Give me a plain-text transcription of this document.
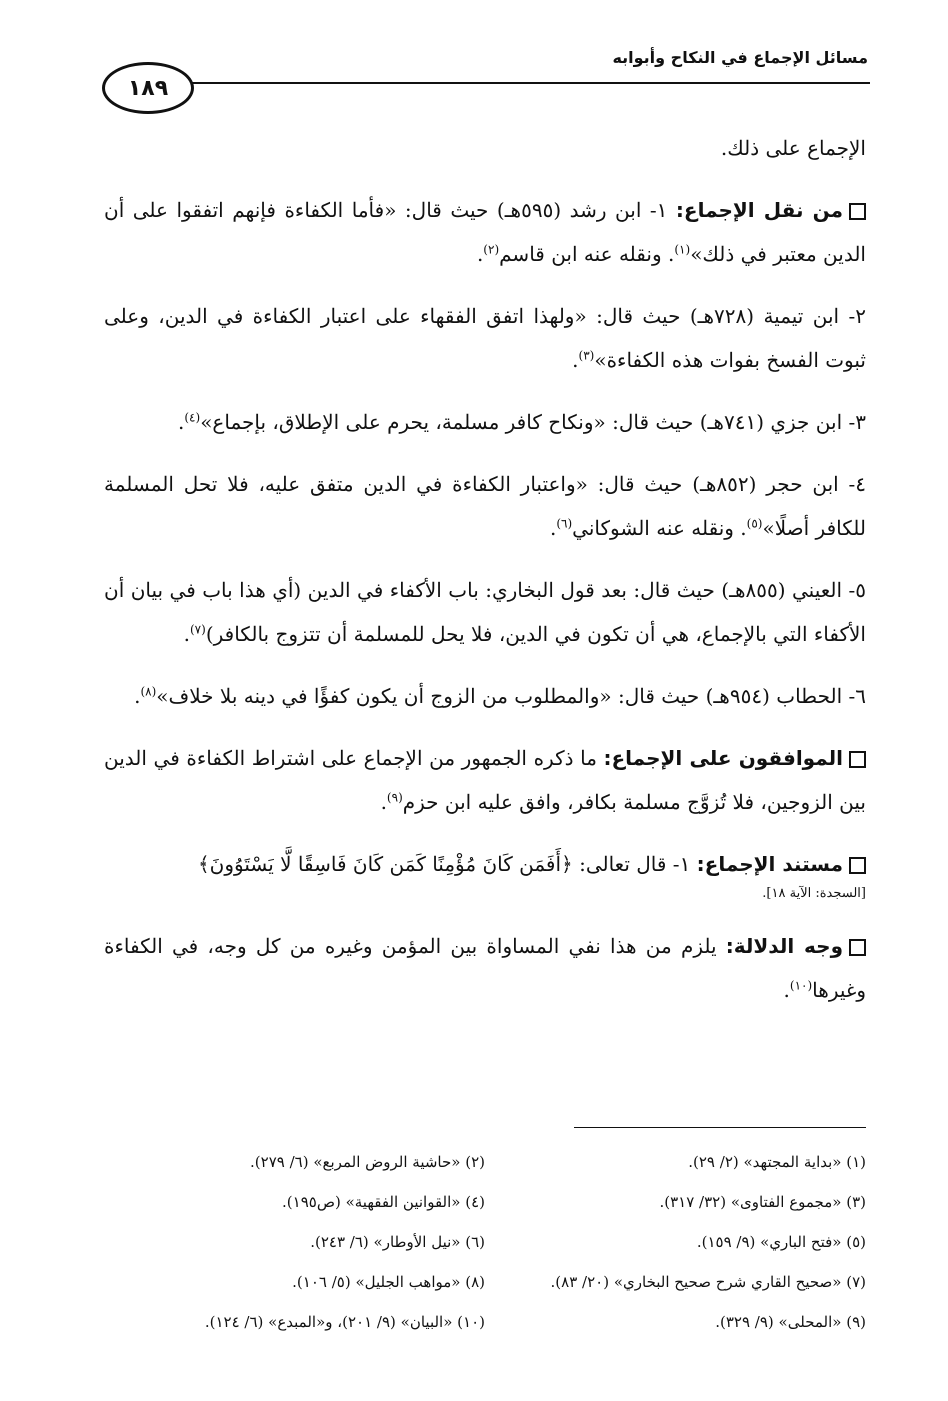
مسائل الإجماع في النكاح وأبوابه
١٨٩

الإجماع على ذلك.

من نقل الإجماع: ١- ابن رشد (٥٩٥هـ) حيث قال: «فأما الكفاءة فإنهم اتفقوا على أن الدين معتبر في ذلك»$^{(١)}$. ونقله عنه ابن قاسم$^{(٢)}$.

٢- ابن تيمية (٧٢٨هـ) حيث قال: «ولهذا اتفق الفقهاء على اعتبار الكفاءة في الدين، وعلى ثبوت الفسخ بفوات هذه الكفاءة»$^{(٣)}$.

٣- ابن جزي (٧٤١هـ) حيث قال: «ونكاح كافر مسلمة، يحرم على الإطلاق، بإجماع»$^{(٤)}$.

٤- ابن حجر (٨٥٢هـ) حيث قال: «واعتبار الكفاءة في الدين متفق عليه، فلا تحل المسلمة للكافر أصلًا»$^{(٥)}$. ونقله عنه الشوكاني$^{(٦)}$.

٥- العيني (٨٥٥هـ) حيث قال: بعد قول البخاري: باب الأكفاء في الدين (أي هذا باب في بيان أن الأكفاء التي بالإجماع، هي أن تكون في الدين، فلا يحل للمسلمة أن تتزوج بالكافر)$^{(٧)}$.

٦- الحطاب (٩٥٤هـ) حيث قال: «والمطلوب من الزوج أن يكون كفؤًا في دينه بلا خلاف»$^{(٨)}$.

الموافقون على الإجماع: ما ذكره الجمهور من الإجماع على اشتراط الكفاءة في الدين بين الزوجين، فلا تُزوَّج مسلمة بكافر، وافق عليه ابن حزم$^{(٩)}$.

مستند الإجماع: ١- قال تعالى: ﴿أَفَمَن كَانَ مُؤْمِنًا كَمَن كَانَ فَاسِقًا لَّا يَسْتَوُونَ﴾

[السجدة: الآية ١٨].

وجه الدلالة: يلزم من هذا نفي المساواة بين المؤمن وغيره من كل وجه، في الكفاءة وغيرها$^{(١٠)}$.

(١) «بداية المجتهد» (٢/ ٢٩).
(٢) «حاشية الروض المربع» (٦/ ٢٧٩).
(٣) «مجموع الفتاوى» (٣٢/ ٣١٧).
(٤) «القوانين الفقهية» (ص١٩٥).
(٥) «فتح الباري» (٩/ ١٥٩).
(٦) «نيل الأوطار» (٦/ ٢٤٣).
(٧) «صحيح القاري شرح صحيح البخاري» (٢٠/ ٨٣).
(٨) «مواهب الجليل» (٥/ ١٠٦).
(٩) «المحلى» (٩/ ٣٢٩).
(١٠) «البيان» (٩/ ٢٠١)، و«المبدع» (٦/ ١٢٤).
